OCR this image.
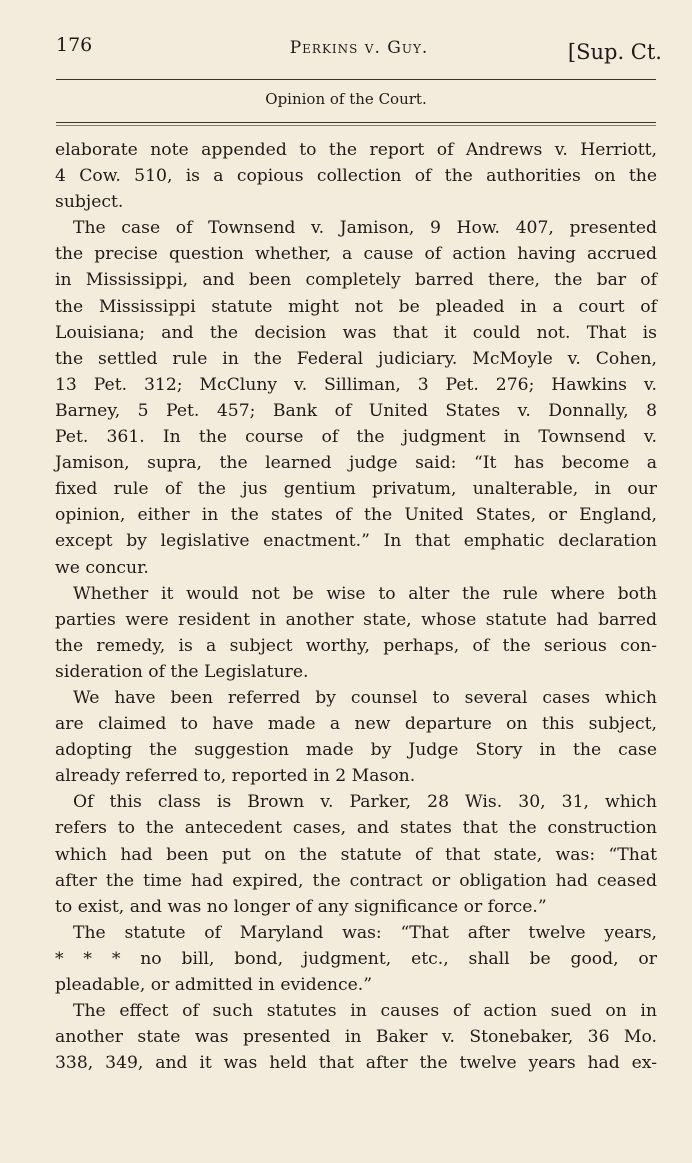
176	Perkins v. Guy.	[Sup. Ct.
Opinion of the Court.
elaborate note appended to the report of Andrews v. Herriott,
4 Cow. 510, is a copious collection of the authorities on the
subject.
The case of Townsend v. Jamison, 9 How. 407, presented
the precise question whether, a cause of action having accrued
in Mississippi, and been completely barred there, the bar of
the Mississippi statute might not be pleaded in a court of
Louisiana; and the decision was that it could not. That is
the settled rule in the Federal judiciary. McMoyle v. Cohen,
13 Pet. 312; McCluny v. Silliman, 3 Pet. 276; Hawkins v.
Barney, 5 Pet. 457; Bank of United States v. Donnally, 8
Pet. 361. In the course of the judgment in Townsend v.
Jamison, supra, the learned judge said: “It has become a
fixed rule of the jus gentium privatum, unalterable, in our
opinion, either in the states of the United States, or England,
except by legislative enactment.” In that emphatic declaration
we concur.
Whether it would not be wise to alter the rule where both
parties were resident in another state, whose statute had barred
the remedy, is a subject worthy, perhaps, of the serious con-
sideration of the Legislature.
We have been referred by counsel to several cases which
are claimed to have made a new departure on this subject,
adopting the suggestion made by Judge Story in the case
already referred to, reported in 2 Mason.
Of this class is Brown v. Parker, 28 Wis. 30, 31, which
refers to the antecedent cases, and states that the construction
which had been put on the statute of that state, was: “That
after the time had expired, the contract or obligation had ceased
to exist, and was no longer of any significance or force.”
The statute of Maryland was: “That after twelve years,
* * * no bill, bond, judgment, etc., shall be good, or
pleadable, or admitted in evidence.”
The effect of such statutes in causes of action sued on in
another state was presented in Baker v. Stonebaker, 36 Mo.
338, 349, and it was held that after the twelve years had ex-
